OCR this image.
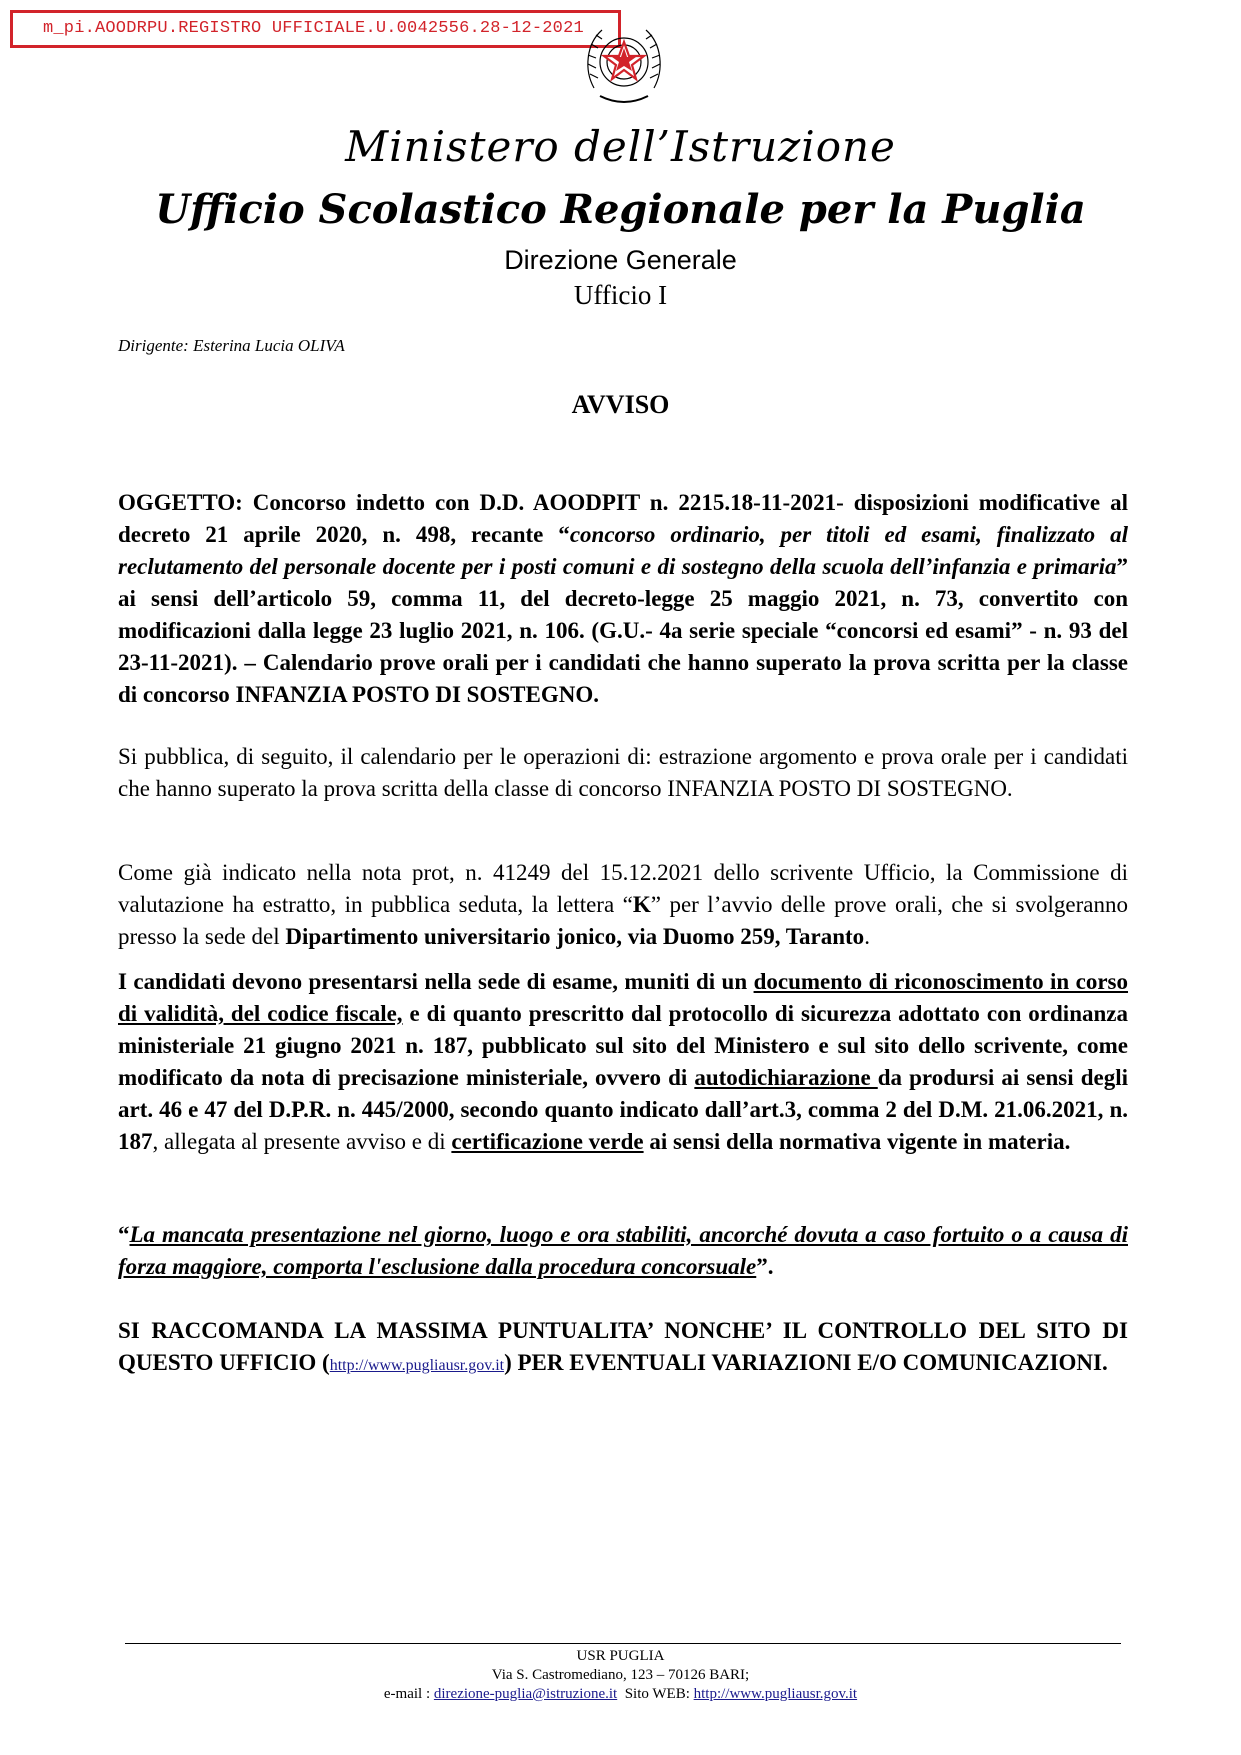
m_pi.AOODRPU.REGISTRO UFFICIALE.U.0042556.28-12-2021
Ministero dell’Istruzione
Ufficio Scolastico Regionale per la Puglia
Direzione Generale
Ufficio I
Dirigente: Esterina Lucia OLIVA
AVVISO
OGGETTO: Concorso indetto con D.D. AOODPIT n. 2215.18-11-2021- disposizioni modificative al decreto 21 aprile 2020, n. 498, recante “concorso ordinario, per titoli ed esami, finalizzato al reclutamento del personale docente per i posti comuni e di sostegno della scuola dell’infanzia e primaria” ai sensi dell’articolo 59, comma 11, del decreto-legge 25 maggio 2021, n. 73, convertito con modificazioni dalla legge 23 luglio 2021, n. 106. (G.U.- 4a serie speciale “concorsi ed esami” - n. 93 del 23-11-2021). – Calendario prove orali per i candidati che hanno superato la prova scritta per la classe di concorso INFANZIA POSTO DI SOSTEGNO.
Si pubblica, di seguito, il calendario per le operazioni di: estrazione argomento e prova orale per i candidati che hanno superato la prova scritta della classe di concorso INFANZIA POSTO DI SOSTEGNO.
Come già indicato nella nota prot, n. 41249 del 15.12.2021 dello scrivente Ufficio, la Commissione di valutazione ha estratto, in pubblica seduta, la lettera “K” per l’avvio delle prove orali, che si svolgeranno presso la sede del Dipartimento universitario jonico, via Duomo 259, Taranto.
I candidati devono presentarsi nella sede di esame, muniti di un documento di riconoscimento in corso di validità, del codice fiscale, e di quanto prescritto dal protocollo di sicurezza adottato con ordinanza ministeriale 21 giugno 2021 n. 187, pubblicato sul sito del Ministero e sul sito dello scrivente, come modificato da nota di precisazione ministeriale, ovvero di autodichiarazione da prodursi ai sensi degli art. 46 e 47 del D.P.R. n. 445/2000, secondo quanto indicato dall’art.3, comma 2 del D.M. 21.06.2021, n. 187, allegata al presente avviso e di certificazione verde ai sensi della normativa vigente in materia.
“La mancata presentazione nel giorno, luogo e ora stabiliti, ancorché dovuta a caso fortuito o a causa di forza maggiore, comporta l'esclusione dalla procedura concorsuale”.
SI RACCOMANDA LA MASSIMA PUNTUALITA’ NONCHE’ IL CONTROLLO DEL SITO DI QUESTO UFFICIO (http://www.pugliausr.gov.it) PER EVENTUALI VARIAZIONI E/O COMUNICAZIONI.
USR PUGLIA
Via S. Castromediano, 123 – 70126 BARI;
e-mail : direzione-puglia@istruzione.it  Sito WEB: http://www.pugliausr.gov.it
